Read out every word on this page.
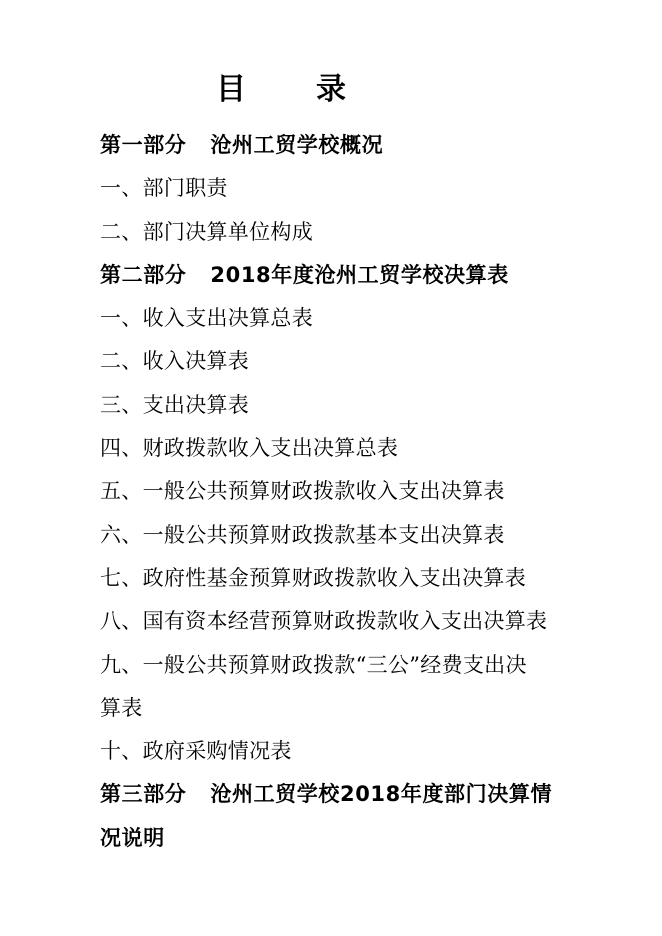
目 录
第一部分 沧州工贸学校概况
一、部门职责
二、部门决算单位构成
第二部分 2018年度沧州工贸学校决算表
一、收入支出决算总表
二、收入决算表
三、支出决算表
四、财政拨款收入支出决算总表
五、一般公共预算财政拨款收入支出决算表
六、一般公共预算财政拨款基本支出决算表
七、政府性基金预算财政拨款收入支出决算表
八、国有资本经营预算财政拨款收入支出决算表
九、一般公共预算财政拨款“三公”经费支出决
算表
十、政府采购情况表
第三部分 沧州工贸学校2018年度部门决算情
况说明
